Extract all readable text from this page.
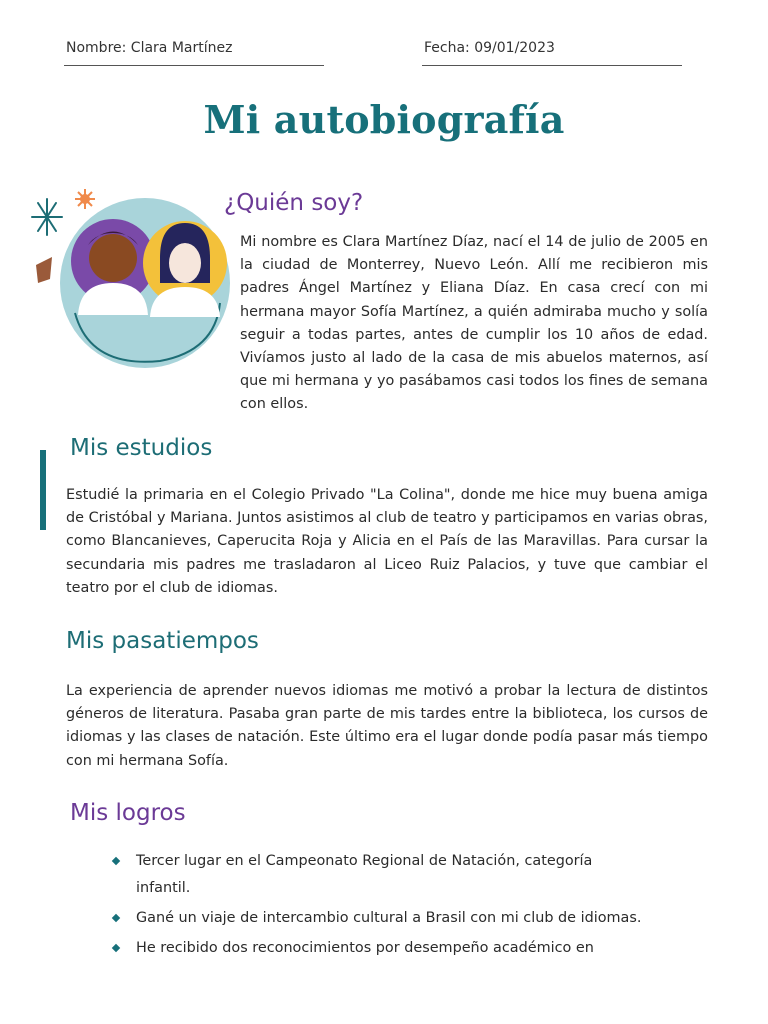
Nombre: Clara Martínez	Fecha: 09/01/2023
Mi autobiografía
¿Quién soy?

Mi nombre es Clara Martínez Díaz, nací el 14 de julio de 2005 en la ciudad de Monterrey, Nuevo León. Allí me recibieron mis padres Ángel Martínez y Eliana Díaz. En casa crecí con mi hermana mayor Sofía Martínez, a quién admiraba mucho y solía seguir a todas partes, antes de cumplir los 10 años de edad. Vivíamos justo al lado de la casa de mis abuelos maternos, así que mi hermana y yo pasábamos casi todos los fines de semana con ellos.

Mis estudios

Estudié la primaria en el Colegio Privado "La Colina", donde me hice muy buena amiga de Cristóbal y Mariana. Juntos asistimos al club de teatro y participamos en varias obras, como Blancanieves, Caperucita Roja y Alicia en el País de las Maravillas. Para cursar la secundaria mis padres me trasladaron al Liceo Ruiz Palacios, y tuve que cambiar el teatro por el club de idiomas.

Mis pasatiempos

La experiencia de aprender nuevos idiomas me motivó a probar la lectura de distintos géneros de literatura. Pasaba gran parte de mis tardes entre la biblioteca, los cursos de idiomas y las clases de natación. Este último era el lugar donde podía pasar más tiempo con mi hermana Sofía.

Mis logros
Tercer lugar en el Campeonato Regional de Natación, categoría infantil.
Gané un viaje de intercambio cultural a Brasil con mi club de idiomas.
He recibido dos reconocimientos por desempeño académico en
